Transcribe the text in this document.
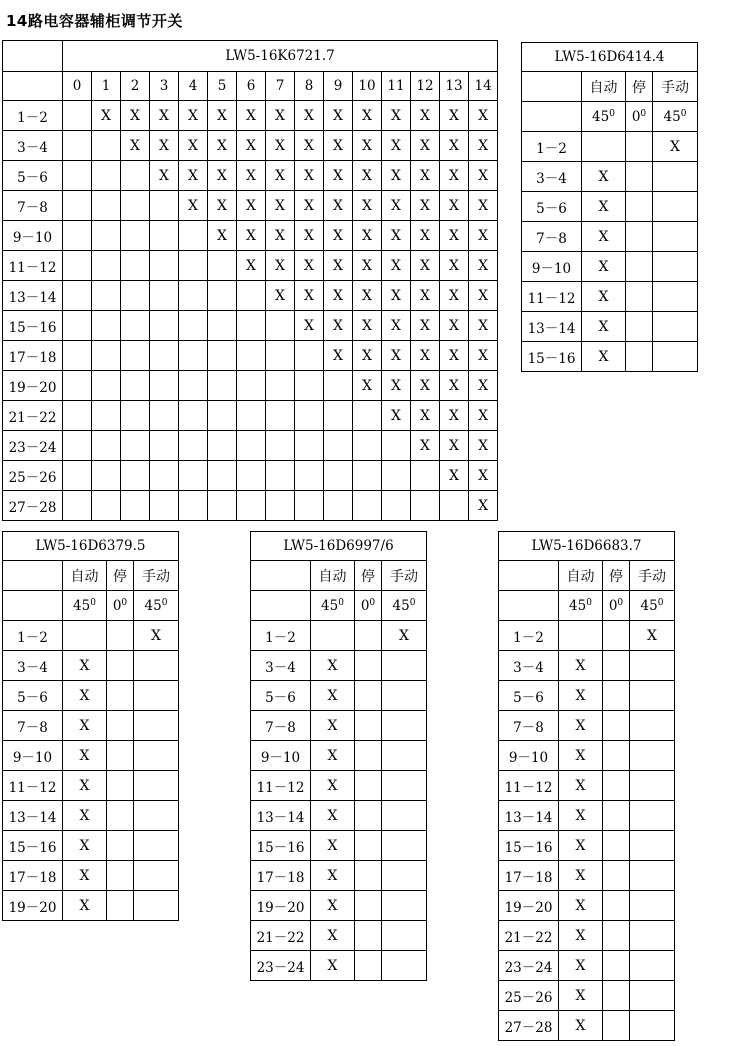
14路电容器辅柜调节开关
	LW5-16K6721.7														
	0	1	2	3	4	5	6	7	8	9	10	11	12	13	14
1－2		X	X	X	X	X	X	X	X	X	X	X	X	X	X
3－4			X	X	X	X	X	X	X	X	X	X	X	X	X
5－6				X	X	X	X	X	X	X	X	X	X	X	X
7－8					X	X	X	X	X	X	X	X	X	X	X
9－10						X	X	X	X	X	X	X	X	X	X
11－12							X	X	X	X	X	X	X	X	X
13－14								X	X	X	X	X	X	X	X
15－16									X	X	X	X	X	X	X
17－18										X	X	X	X	X	X
19－20											X	X	X	X	X
21－22												X	X	X	X
23－24													X	X	X
25－26														X	X
27－28															X
LW5-16D6414.4			
	自动	停	手动
	$45^0$	$0^0$	$45^0$
1－2			X
3－4	X		
5－6	X		
7－8	X		
9－10	X		
11－12	X		
13－14	X		
15－16	X		
LW5-16D6379.5			
	自动	停	手动
	$45^0$	$0^0$	$45^0$
1－2			X
3－4	X		
5－6	X		
7－8	X		
9－10	X		
11－12	X		
13－14	X		
15－16	X		
17－18	X		
19－20	X		
LW5-16D6997/6			
	自动	停	手动
	$45^0$	$0^0$	$45^0$
1－2			X
3－4	X		
5－6	X		
7－8	X		
9－10	X		
11－12	X		
13－14	X		
15－16	X		
17－18	X		
19－20	X		
21－22	X		
23－24	X		
LW5-16D6683.7			
	自动	停	手动
	$45^0$	$0^0$	$45^0$
1－2			X
3－4	X		
5－6	X		
7－8	X		
9－10	X		
11－12	X		
13－14	X		
15－16	X		
17－18	X		
19－20	X		
21－22	X		
23－24	X		
25－26	X		
27－28	X		
